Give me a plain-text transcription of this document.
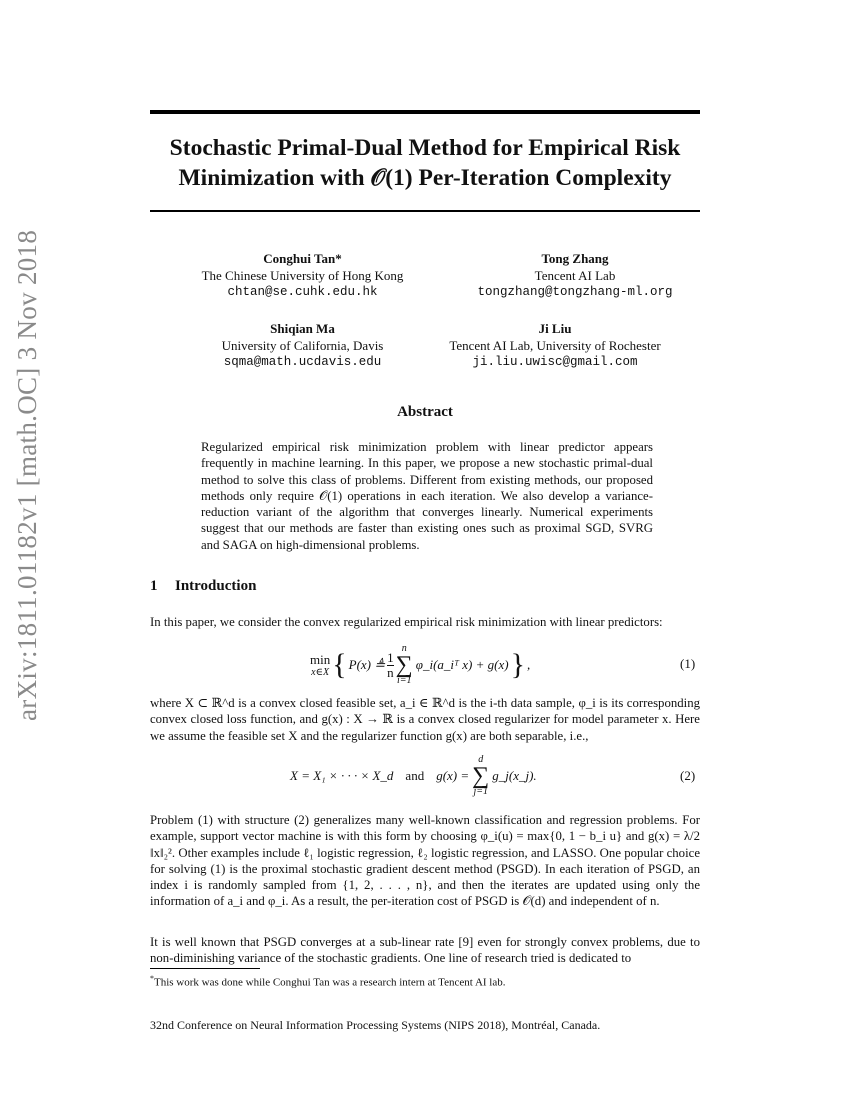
arXiv:1811.01182v1 [math.OC] 3 Nov 2018
Stochastic Primal-Dual Method for Empirical Risk
Minimization with 𝒪(1) Per-Iteration Complexity
Conghui Tan*
The Chinese University of Hong Kong
chtan@se.cuhk.edu.hk
Tong Zhang
Tencent AI Lab
tongzhang@tongzhang-ml.org
Shiqian Ma
University of California, Davis
sqma@math.ucdavis.edu
Ji Liu
Tencent AI Lab, University of Rochester
ji.liu.uwisc@gmail.com
Abstract
Regularized empirical risk minimization problem with linear predictor appears frequently in machine learning. In this paper, we propose a new stochastic primal-dual method to solve this class of problems. Different from existing methods, our proposed methods only require 𝒪(1) operations in each iteration. We also develop a variance-reduction variant of the algorithm that converges linearly. Numerical experiments suggest that our methods are faster than existing ones such as proximal SGD, SVRG and SAGA on high-dimensional problems.
1 Introduction
In this paper, we consider the convex regularized empirical risk minimization with linear predictors:
min
x∈X { P(x) ≜ $\frac{1}{n}$
n
∑
i=1
φ_i(a_iᵀ x) + g(x) } ,	(1)
where X ⊂ ℝ^d is a convex closed feasible set, a_i ∈ ℝ^d is the i-th data sample, φ_i is its corresponding convex closed loss function, and g(x) : X → ℝ is a convex closed regularizer for model parameter x. Here we assume the feasible set X and the regularizer function g(x) are both separable, i.e.,
X = X₁ × · · · × X_d and g(x) =
d
∑
j=1
g_j(x_j).	(2)
Problem (1) with structure (2) generalizes many well-known classification and regression problems. For example, support vector machine is with this form by choosing φ_i(u) = max{0, 1 − b_i u} and g(x) = λ/2 ‖x‖₂². Other examples include ℓ₁ logistic regression, ℓ₂ logistic regression, and LASSO. One popular choice for solving (1) is the proximal stochastic gradient descent method (PSGD). In each iteration of PSGD, an index i is randomly sampled from {1, 2, . . . , n}, and then the iterates are updated using only the information of a_i and φ_i. As a result, the per-iteration cost of PSGD is 𝒪(d) and independent of n.
It is well known that PSGD converges at a sub-linear rate [9] even for strongly convex problems, due to non-diminishing variance of the stochastic gradients. One line of research tried is dedicated to
*This work was done while Conghui Tan was a research intern at Tencent AI lab.
32nd Conference on Neural Information Processing Systems (NIPS 2018), Montréal, Canada.
